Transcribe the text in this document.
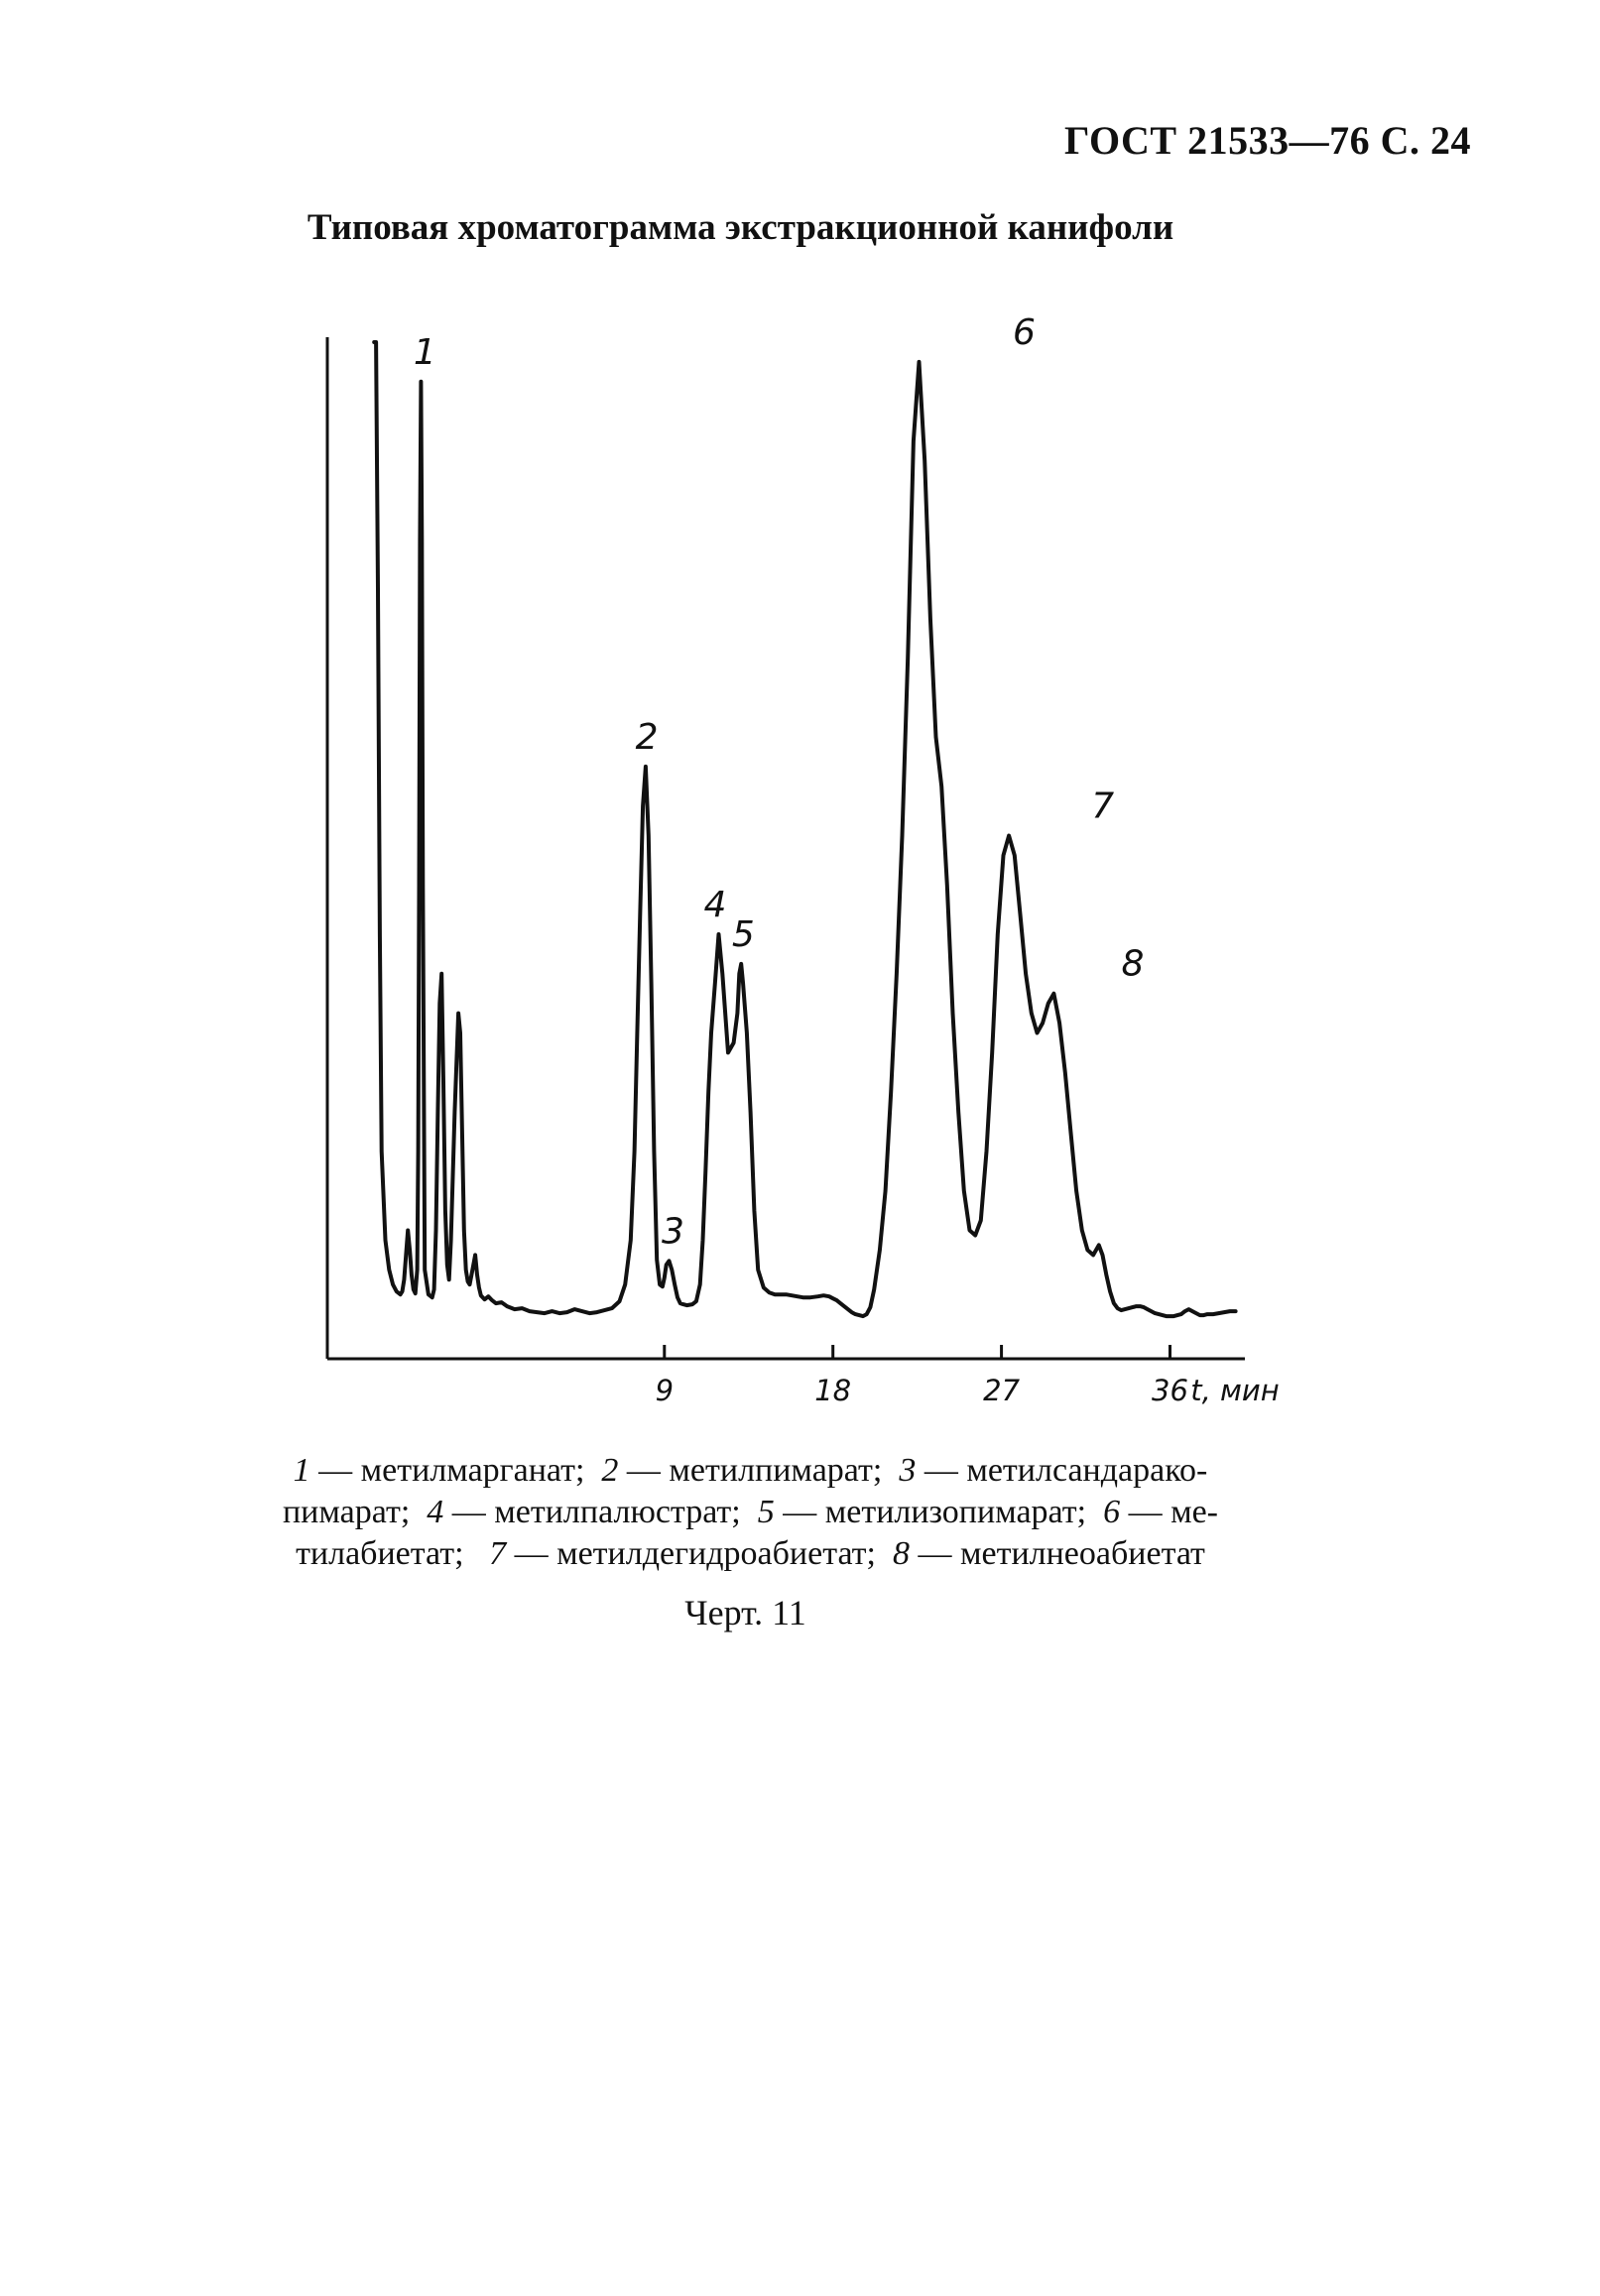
ГОСТ 21533—76 С. 24
Типовая хроматограмма экстракционной канифоли
9	18	27	36 t, мин
1
2
3
4
5
6
7
8
1 — метилмарганат;  2 — метилпимарат;  3 — метилсандарако-
пимарат;  4 — метилпалюстрат;  5 — метилизопимарат;  6 — ме-
тилабиетат;   7 — метилдегидроабиетат;  8 — метилнеоабиетат
Черт. 11
